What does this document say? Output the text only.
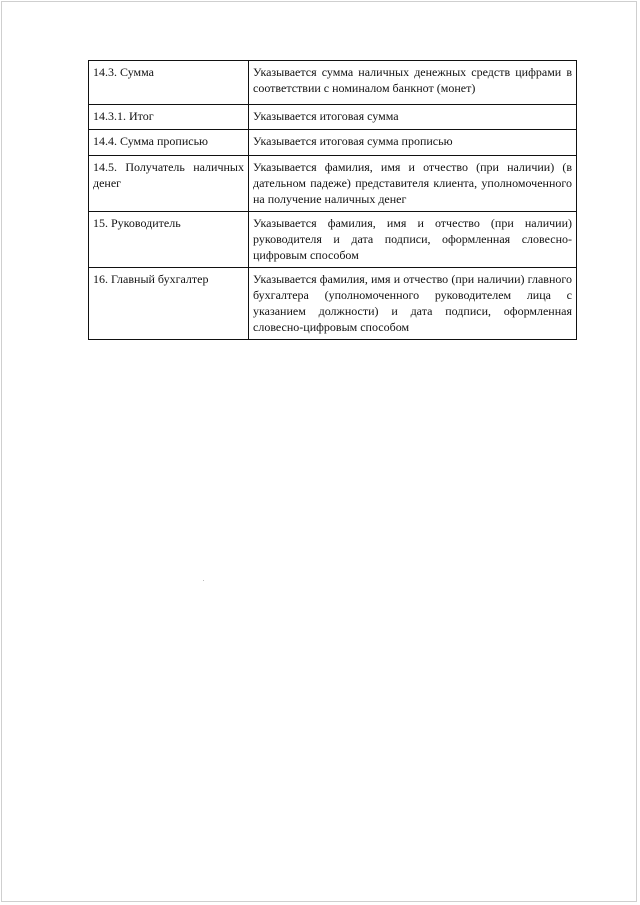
14.3. Сумма	Указывается сумма наличных денежных средств цифрами в соответствии с номиналом банкнот (монет)
14.3.1. Итог	Указывается итоговая сумма
14.4. Сумма прописью	Указывается итоговая сумма прописью
14.5. Получатель наличных денег	Указывается фамилия, имя и отчество (при наличии) (в дательном падеже) представителя клиента, уполномоченного на получение наличных денег
15. Руководитель	Указывается фамилия, имя и отчество (при наличии) руководителя и дата подписи, оформленная словесно-цифровым способом
16. Главный бухгалтер	Указывается фамилия, имя и отчество (при наличии) главного бухгалтера (уполномоченного руководителем лица с указанием должности) и дата подписи, оформленная словесно-цифровым способом
